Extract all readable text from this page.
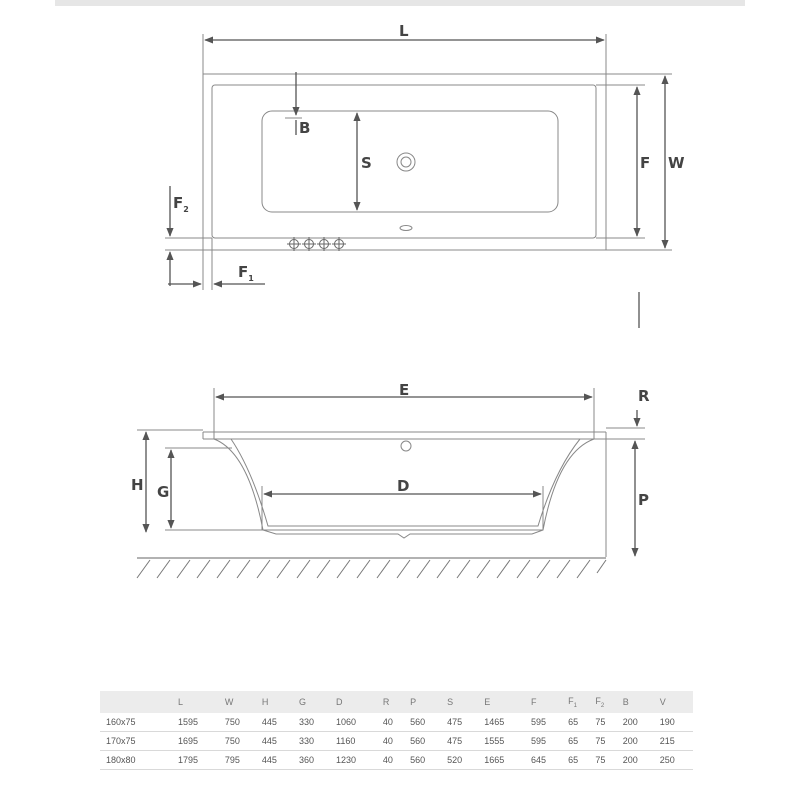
L
W
F
S
B
$F_2$
$F_1$
E
D
H G	P
R
	L	W	H	G	D	R	P	S	E	F	$F_1$	$F_2$	B	V
160x75	1595	750	445	330	1060	40	560	475	1465	595	65	75	200	190
170x75	1695	750	445	330	1160	40	560	475	1555	595	65	75	200	215
180x80	1795	795	445	360	1230	40	560	520	1665	645	65	75	200	250
